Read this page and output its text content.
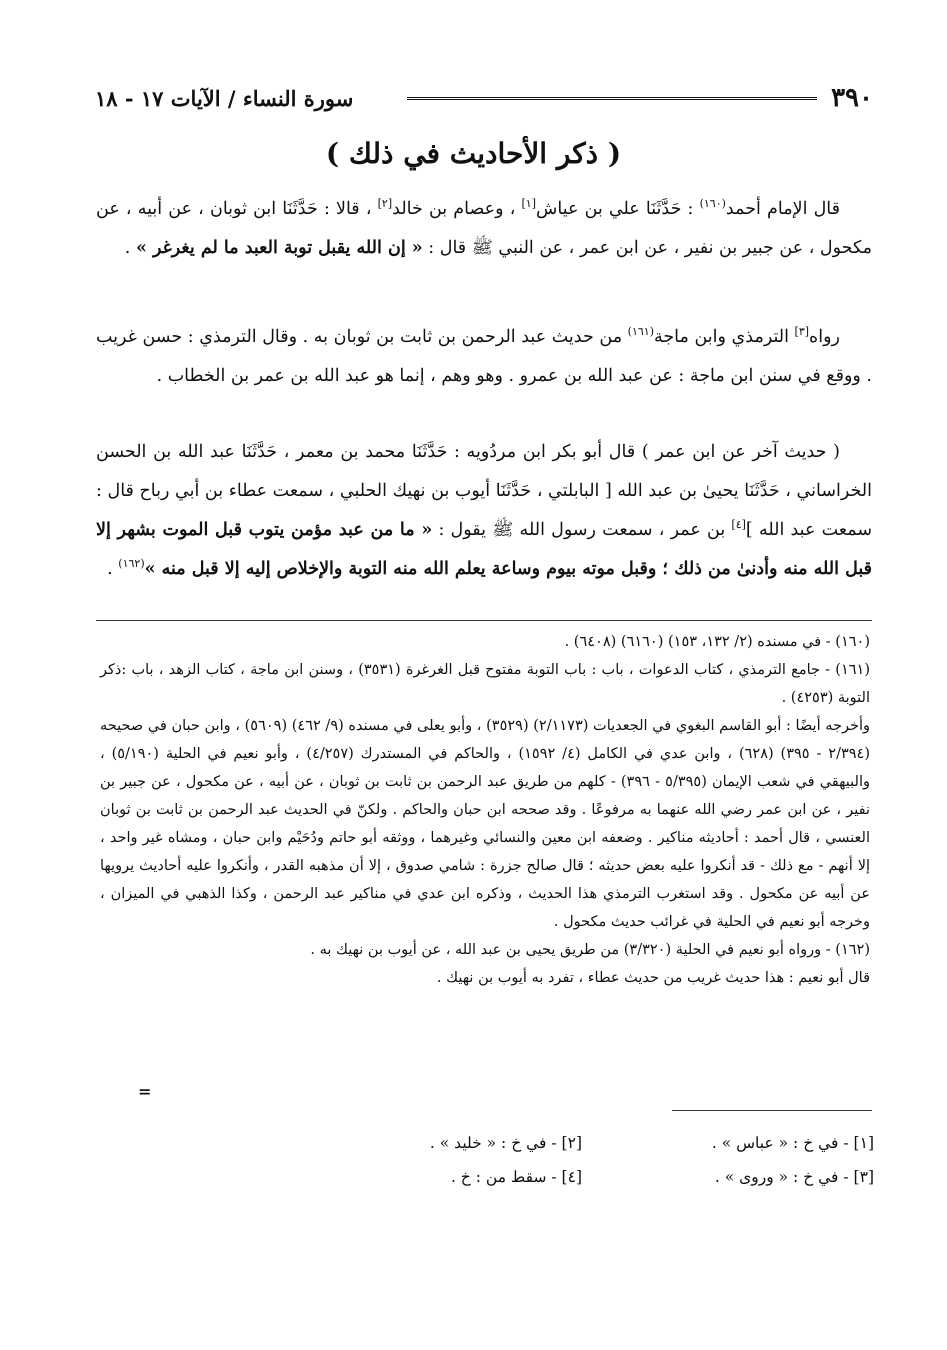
٣٩٠
سورة النساء / الآيات ١٧ - ١٨
( ذكر الأحاديث في ذلك )

قال الإمام أحمد$^{(١٦٠)}$ : حَدَّثَنَا علي بن عياش[١] ، وعصام بن خالد[٢] ، قالا : حَدَّثَنَا ابن ثوبان ، عن أبيه ، عن مكحول ، عن جبير بن نفير ، عن ابن عمر ، عن النبي ﷺ قال : « إن الله يقبل توبة العبد ما لم يغرغر » .

رواه[٣] الترمذي وابن ماجة$^{(١٦١)}$ من حديث عبد الرحمن بن ثابت بن ثوبان به . وقال الترمذي : حسن غريب . ووقع في سنن ابن ماجة : عن عبد الله بن عمرو . وهو وهم ، إنما هو عبد الله بن عمر بن الخطاب .

( حديث آخر عن ابن عمر ) قال أبو بكر ابن مردُويه : حَدَّثَنَا محمد بن معمر ، حَدَّثَنَا عبد الله بن الحسن الخراساني ، حَدَّثَنَا يحيىٰ بن عبد الله [ البابلتي ، حَدَّثَنَا أيوب بن نهيك الحلبي ، سمعت عطاء بن أبي رباح قال : سمعت عبد الله ][٤] بن عمر ، سمعت رسول الله ﷺ يقول : « ما من عبد مؤمن يتوب قبل الموت بشهر إلا قبل الله منه وأدنىٰ من ذلك ؛ وقبل موته بيوم وساعة يعلم الله منه التوبة والإخلاص إليه إلا قبل منه »$^{(١٦٢)}$ .

(١٦٠) - في مسنده (٢/ ١٣٢، ١٥٣) (٦١٦٠) (٦٤٠٨) .

(١٦١) - جامع الترمذي ، كتاب الدعوات ، باب : باب التوبة مفتوح قبل الغرغرة (٣٥٣١) ، وسنن ابن ماجة ، كتاب الزهد ، باب :ذكر التوبة (٤٢٥٣) .

وأخرجه أيضًا : أبو القاسم البغوي في الجعديات (٢/١١٧٣) (٣٥٢٩) ، وأبو يعلى في مسنده (٩/ ٤٦٢) (٥٦٠٩) ، وابن حبان في صحيحه (٢/٣٩٤ - ٣٩٥) (٦٢٨) ، وابن عدي في الكامل (٤/ ١٥٩٢) ، والحاكم في المستدرك (٤/٢٥٧) ، وأبو نعيم في الحلية (٥/١٩٠) ، والبيهقي في شعب الإيمان (٥/٣٩٥ - ٣٩٦) - كلهم من طريق عبد الرحمن بن ثابت بن ثوبان ، عن أبيه ، عن مكحول ، عن جبير بن نفير ، عن ابن عمر رضي الله عنهما به مرفوعًا . وقد صححه ابن حبان والحاكم . ولكنّ في الحديث عبد الرحمن بن ثابت بن ثوبان العنسي ، قال أحمد : أحاديثه مناكير . وضعفه ابن معين والنسائي وغيرهما ، ووثقه أبو حاتم ودُحَيْم وابن حبان ، ومشاه غير واحد ، إلا أنهم - مع ذلك - قد أنكروا عليه بعض حديثه ؛ قال صالح جزرة : شامي صدوق ، إلا أن مذهبه القدر ، وأنكروا عليه أحاديث يرويها عن أبيه عن مكحول . وقد استغرب الترمذي هذا الحديث ، وذكره ابن عدي في مناكير عبد الرحمن ، وكذا الذهبي في الميزان ، وخرجه أبو نعيم في الحلية في غرائب حديث مكحول .

(١٦٢) - ورواه أبو نعيم في الحلية (٣/٣٢٠) من طريق يحيى بن عبد الله ، عن أيوب بن نهيك به .

قال أبو نعيم : هذا حديث غريب من حديث عطاء ، تفرد به أيوب بن نهيك .

=
[١] - في خ : « عباس » .
[٢] - في خ : « خليد » .
[٣] - في خ : « وروى » .
[٤] - سقط من : خ .
